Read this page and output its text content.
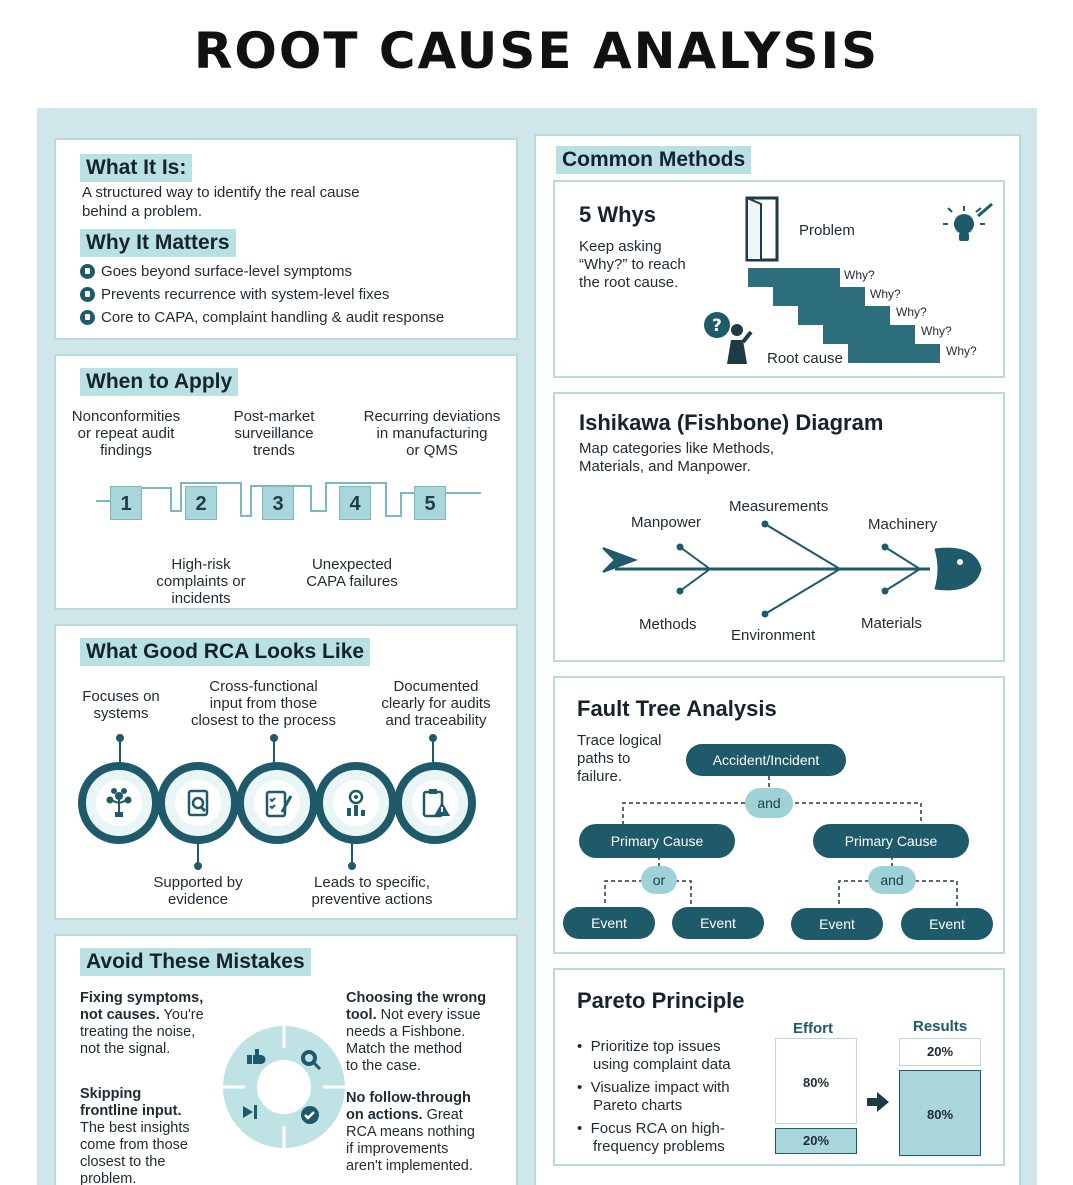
ROOT CAUSE ANALYSIS
What It Is:
A structured way to identify the real cause
behind a problem.
Why It Matters
Goes beyond surface-level symptoms
Prevents recurrence with system-level fixes
Core to CAPA, complaint handling & audit response
When to Apply
1	2	3	4	5
Nonconformities
or repeat audit
findings
Post-market
surveillance
trends
Recurring deviations
in manufacturing
or QMS
High-risk
complaints or
incidents
Unexpected
CAPA failures
What Good RCA Looks Like
Focuses on
systems
Cross-functional
input from those
closest to the process
Documented
clearly for audits
and traceability
Supported by
evidence
Leads to specific,
preventive actions
Avoid These Mistakes
Fixing symptoms,
not causes. You're
treating the noise,
not the signal.
Choosing the wrong
tool. Not every issue
needs a Fishbone.
Match the method
to the case.
Skipping
frontline input.
The best insights
come from those
closest to the
problem.
No follow-through
on actions. Great
RCA means nothing
if improvements
aren't implemented.
Common Methods
5 Whys
Keep asking
“Why?” to reach
the root cause.
Problem
Why?
Why?
Why?
Why?
Why?
?
Root cause
Ishikawa (Fishbone) Diagram
Map categories like Methods,
Materials, and Manpower.
Manpower
Measurements
Machinery
Methods
Environment
Materials
Fault Tree Analysis
Trace logical
paths to
failure.
Accident/Incident
and
Primary Cause	Primary Cause
or	and
Event	Event	Event	Event
Pareto Principle
•  Prioritize top issues
using complaint data
•  Visualize impact with
Pareto charts
•  Focus RCA on high-
frequency problems
Effort	Results
80%
20%
20%
80%
